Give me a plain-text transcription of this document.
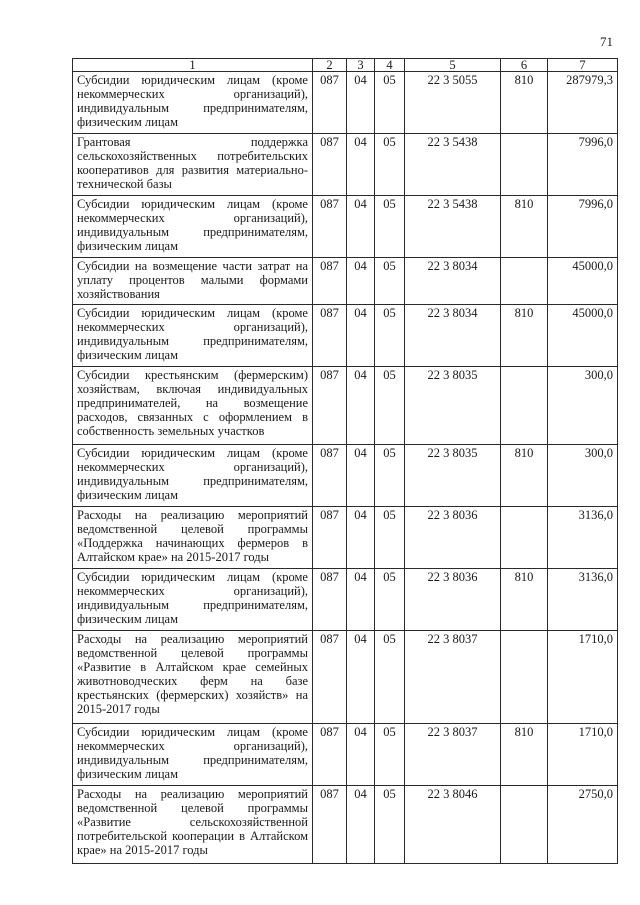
71
1	2	3	4	5	6	7
Субсидии юридическим лицам (кроме некоммерческих организаций), индивидуальным предпринимателям, физическим лицам	087	04	05	22 3 5055	810	287979,3
Грантовая поддержка сельскохозяйственных потребительских кооперативов для развития материально-технической базы	087	04	05	22 3 5438		7996,0
Субсидии юридическим лицам (кроме некоммерческих организаций), индивидуальным предпринимателям, физическим лицам	087	04	05	22 3 5438	810	7996,0
Субсидии на возмещение части затрат на уплату процентов малыми формами хозяйствования	087	04	05	22 3 8034		45000,0
Субсидии юридическим лицам (кроме некоммерческих организаций), индивидуальным предпринимателям, физическим лицам	087	04	05	22 3 8034	810	45000,0
Субсидии крестьянским (фермерским) хозяйствам, включая индивидуальных предпринимателей, на возмещение расходов, связанных с оформлением в собственность земельных участков	087	04	05	22 3 8035		300,0
Субсидии юридическим лицам (кроме некоммерческих организаций), индивидуальным предпринимателям, физическим лицам	087	04	05	22 3 8035	810	300,0
Расходы на реализацию мероприятий ведомственной целевой программы «Поддержка начинающих фермеров в Алтайском крае» на 2015-2017 годы	087	04	05	22 3 8036		3136,0
Субсидии юридическим лицам (кроме некоммерческих организаций), индивидуальным предпринимателям, физическим лицам	087	04	05	22 3 8036	810	3136,0
Расходы на реализацию мероприятий ведомственной целевой программы «Развитие в Алтайском крае семейных животноводческих ферм на базе крестьянских (фермерских) хозяйств» на 2015-2017 годы	087	04	05	22 3 8037		1710,0
Субсидии юридическим лицам (кроме некоммерческих организаций), индивидуальным предпринимателям, физическим лицам	087	04	05	22 3 8037	810	1710,0
Расходы на реализацию мероприятий ведомственной целевой программы «Развитие сельскохозяйственной потребительской кооперации в Алтайском крае» на 2015-2017 годы	087	04	05	22 3 8046		2750,0
